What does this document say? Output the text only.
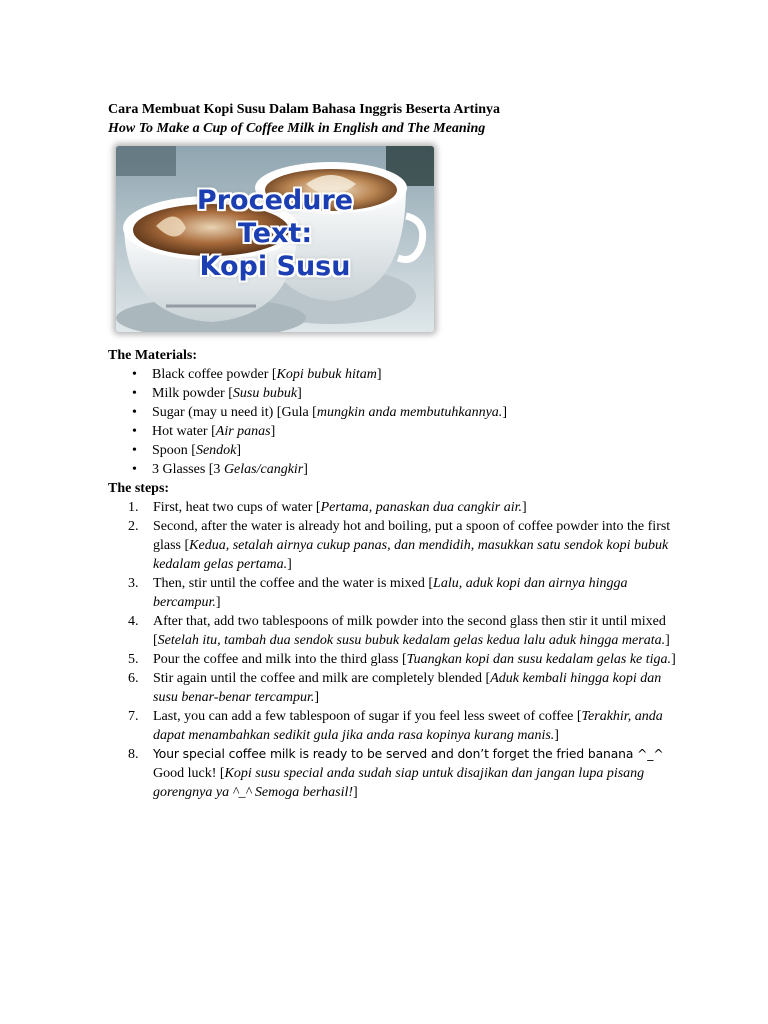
Cara Membuat Kopi Susu Dalam Bahasa Inggris Beserta Artinya

How To Make a Cup of Coffee Milk in English and The Meaning

Procedure
Text:
Kopi Susu

The Materials:

• Black coffee powder [Kopi bubuk hitam]
• Milk powder [Susu bubuk]
• Sugar (may u need it) [Gula [mungkin anda membutuhkannya.]
• Hot water [Air panas]
• Spoon [Sendok]
• 3 Glasses [3 Gelas/cangkir]

The steps:

1. First, heat two cups of water [Pertama, panaskan dua cangkir air.]
2. Second, after the water is already hot and boiling, put a spoon of coffee powder into the first glass [Kedua, setalah airnya cukup panas, dan mendidih, masukkan satu sendok kopi bubuk kedalam gelas pertama.]
3. Then, stir until the coffee and the water is mixed [Lalu, aduk kopi dan airnya hingga bercampur.]
4. After that, add two tablespoons of milk powder into the second glass then stir it until mixed [Setelah itu, tambah dua sendok susu bubuk kedalam gelas kedua lalu aduk hingga merata.]
5. Pour the coffee and milk into the third glass [Tuangkan kopi dan susu kedalam gelas ke tiga.]
6. Stir again until the coffee and milk are completely blended [Aduk kembali hingga kopi dan susu benar-benar tercampur.]
7. Last, you can add a few tablespoon of sugar if you feel less sweet of coffee [Terakhir, anda dapat menambahkan sedikit gula jika anda rasa kopinya kurang manis.]
8. Your special coffee milk is ready to be served and don’t forget the fried banana ^_^ Good luck! [Kopi susu special anda sudah siap untuk disajikan dan jangan lupa pisang gorengnya ya ^_^ Semoga berhasil!]
